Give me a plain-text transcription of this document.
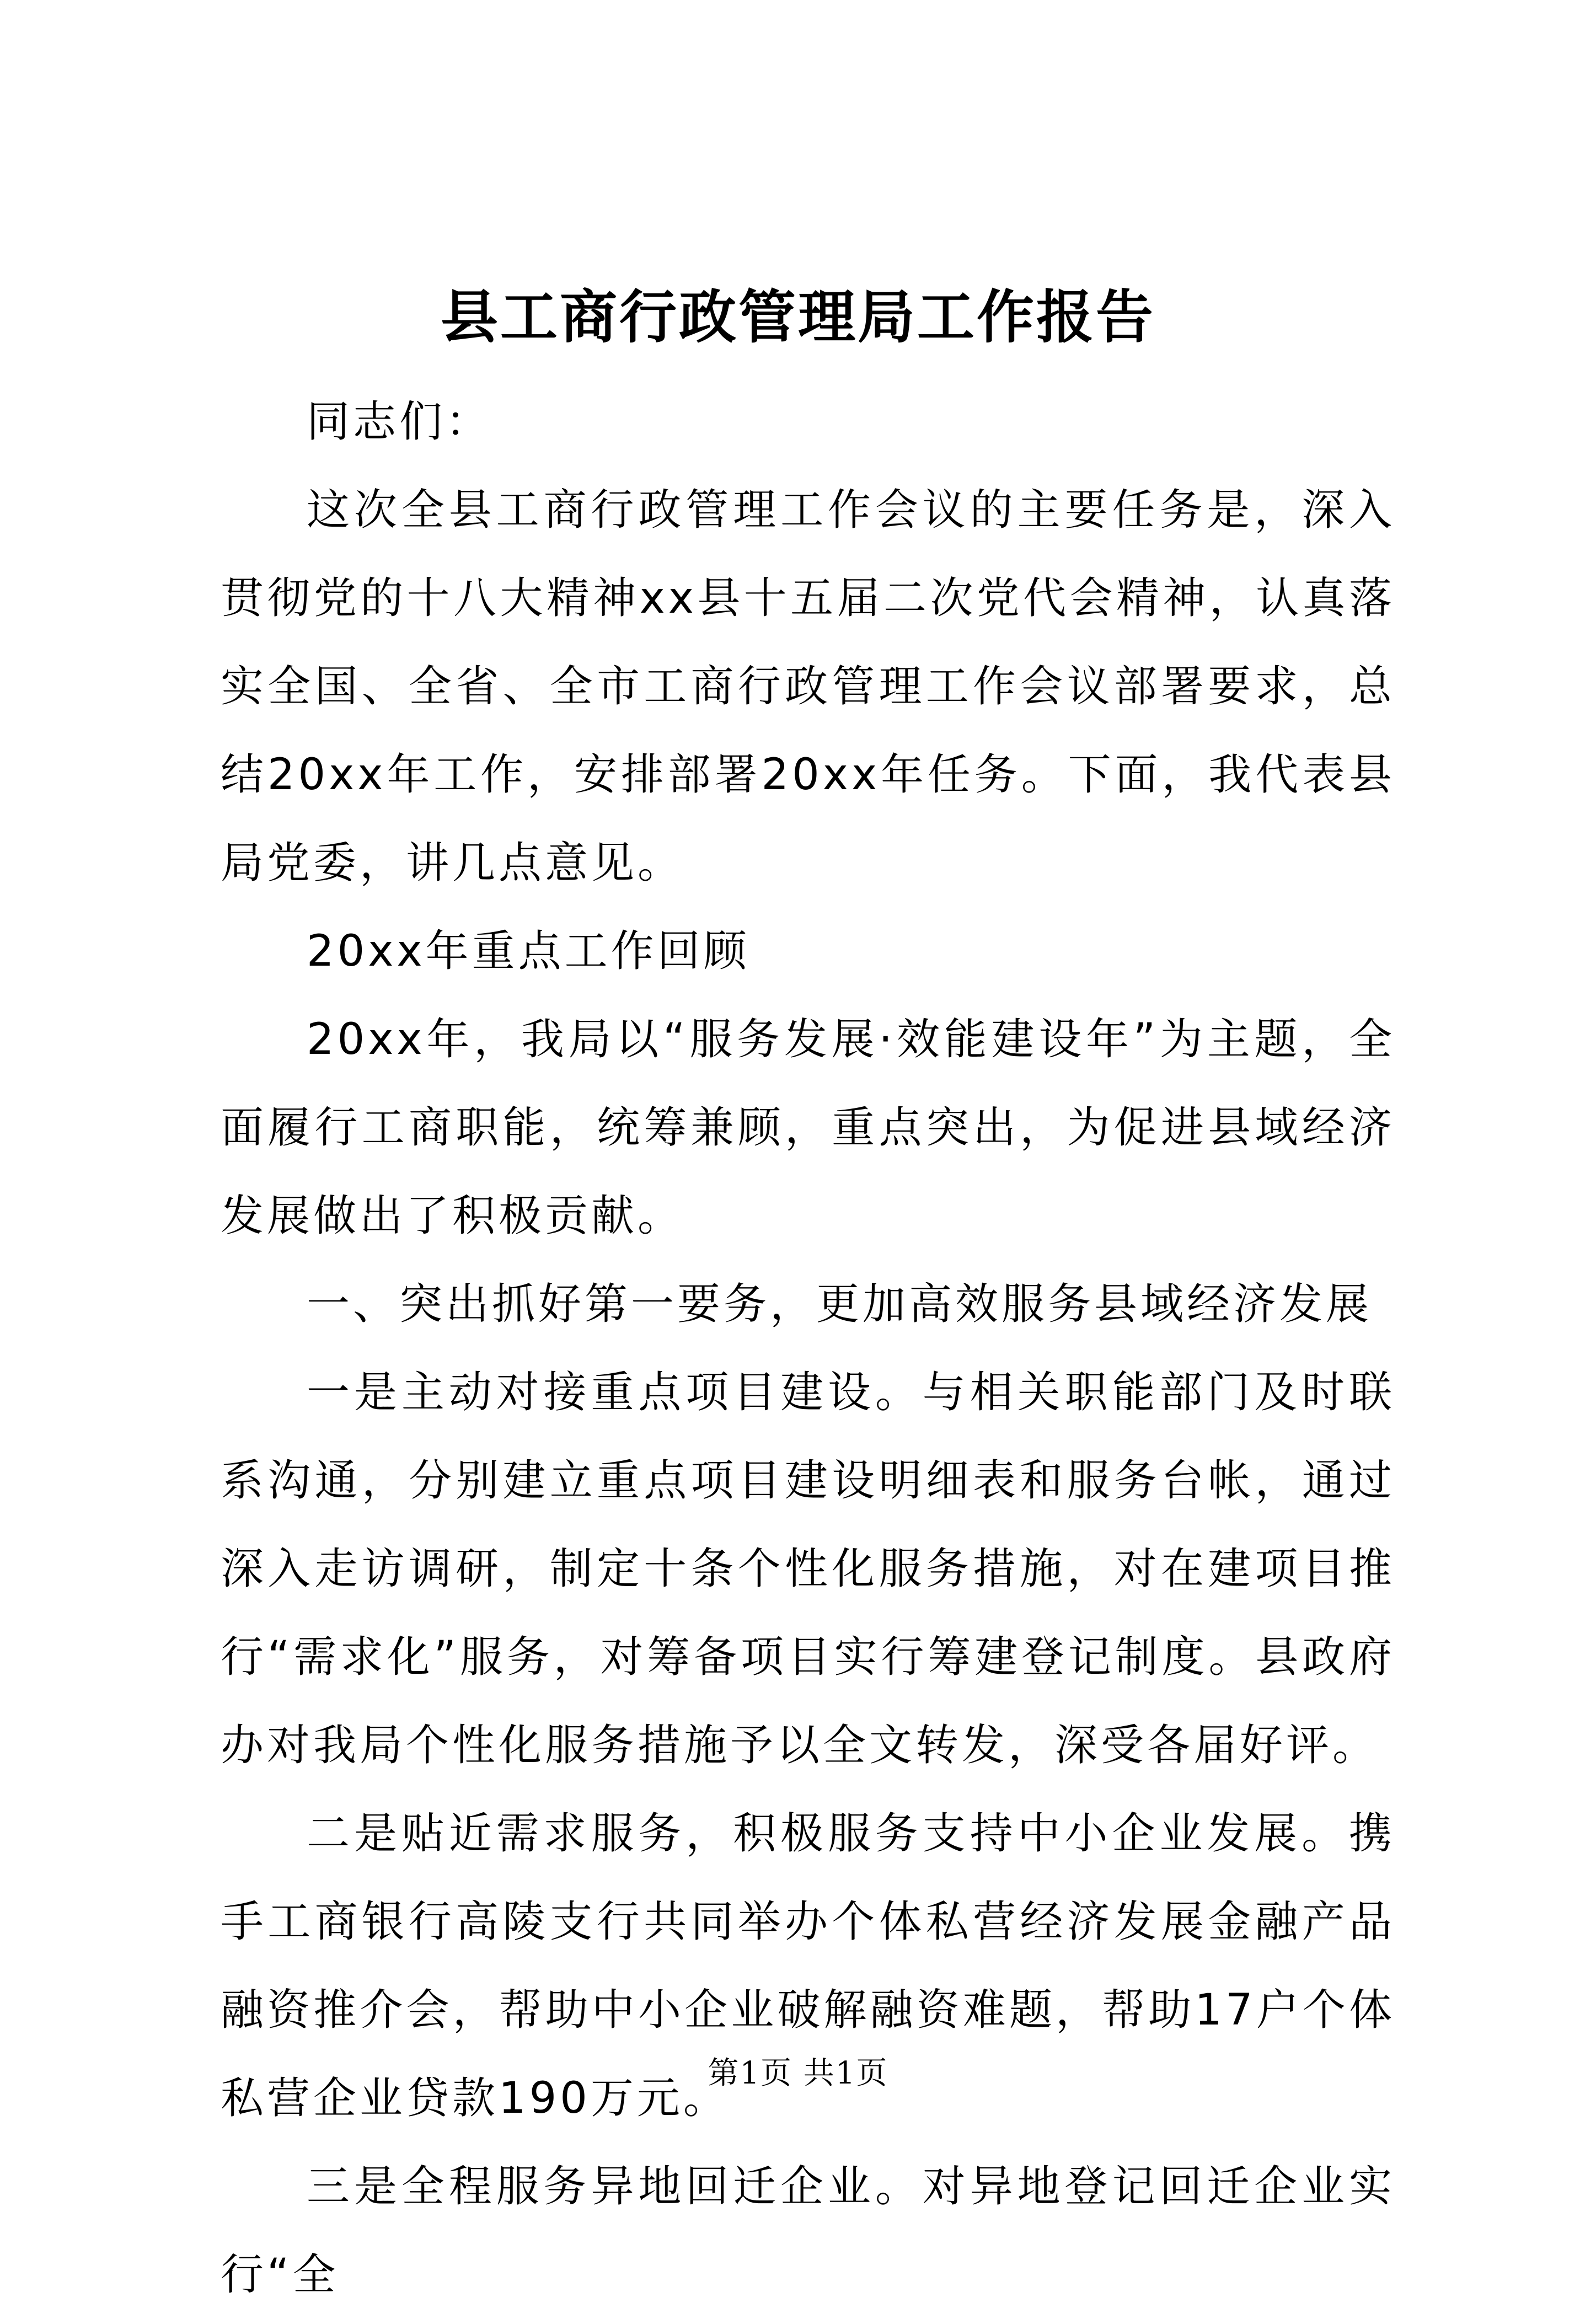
县工商行政管理局工作报告

同志们：

这次全县工商行政管理工作会议的主要任务是，深入贯彻党的十八大精神xx县十五届二次党代会精神，认真落实全国、全省、全市工商行政管理工作会议部署要求，总结20xx年工作，安排部署20xx年任务。下面，我代表县局党委，讲几点意见。

20xx年重点工作回顾

20xx年，我局以“服务发展·效能建设年”为主题，全面履行工商职能，统筹兼顾，重点突出，为促进县域经济发展做出了积极贡献。

一、突出抓好第一要务，更加高效服务县域经济发展

一是主动对接重点项目建设。与相关职能部门及时联系沟通，分别建立重点项目建设明细表和服务台帐，通过深入走访调研，制定十条个性化服务措施，对在建项目推行“需求化”服务，对筹备项目实行筹建登记制度。县政府办对我局个性化服务措施予以全文转发，深受各届好评。

二是贴近需求服务，积极服务支持中小企业发展。携手工商银行高陵支行共同举办个体私营经济发展金融产品融资推介会，帮助中小企业破解融资难题，帮助17户个体私营企业贷款190万元。

三是全程服务异地回迁企业。对异地登记回迁企业实行“全

第1页 共1页
